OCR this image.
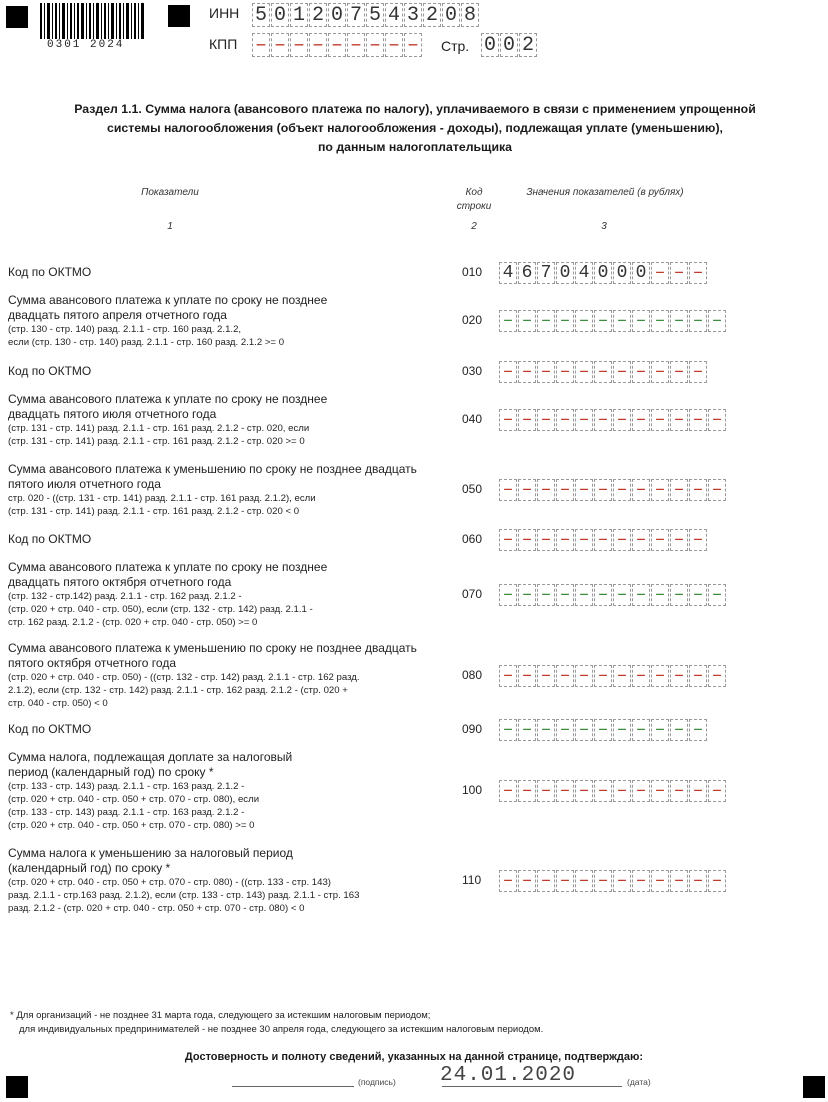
0301 2024
ИНН 5 0 1 2 0 7 5 4 3 2 0 8
КПП – – – – – – – – – Стр. 0 0 2
Раздел 1.1. Сумма налога (авансового платежа по налогу), уплачиваемого в связи с применением упрощенной
системы налогообложения (объект налогообложения - доходы), подлежащая уплате (уменьшению),
по данным налогоплательщика
Показатели	Код
строки
Значения показателей (в рублях)
1	2	3
Код по ОКТМО	010	4 6 7 0 4 0 0 0 – – –
Сумма авансового платежа к уплате по сроку не позднее
двадцать пятого апреля отчетного года
(стр. 130 - стр. 140) разд. 2.1.1 - стр. 160 разд. 2.1.2,
если (стр. 130 - стр. 140) разд. 2.1.1 - стр. 160 разд. 2.1.2 >= 0
020	– – – – – – – – – – – –
Код по ОКТМО	030	– – – – – – – – – – –
Сумма авансового платежа к уплате по сроку не позднее
двадцать пятого июля отчетного года
(стр. 131 - стр. 141) разд. 2.1.1 - стр. 161 разд. 2.1.2 - стр. 020, если
(стр. 131 - стр. 141) разд. 2.1.1 - стр. 161 разд. 2.1.2 - стр. 020 >= 0
040	– – – – – – – – – – – –
Сумма авансового платежа к уменьшению по сроку не позднее двадцать
пятого июля отчетного года
стр. 020 - ((стр. 131 - стр. 141) разд. 2.1.1 - стр. 161 разд. 2.1.2), если
(стр. 131 - стр. 141) разд. 2.1.1 - стр. 161 разд. 2.1.2 - стр. 020 < 0
050	– – – – – – – – – – – –
Код по ОКТМО	060	– – – – – – – – – – –
Сумма авансового платежа к уплате по сроку не позднее
двадцать пятого октября отчетного года
(стр. 132 - стр.142) разд. 2.1.1 - стр. 162 разд. 2.1.2 -
(стр. 020 + стр. 040 - стр. 050), если (стр. 132 - стр. 142) разд. 2.1.1 -
стр. 162 разд. 2.1.2 - (стр. 020 + стр. 040 - стр. 050) >= 0
070	– – – – – – – – – – – –
Сумма авансового платежа к уменьшению по сроку не позднее двадцать
пятого октября отчетного года
(стр. 020 + стр. 040 - стр. 050) - ((стр. 132 - стр. 142) разд. 2.1.1 - стр. 162 разд.
2.1.2), если (стр. 132 - стр. 142) разд. 2.1.1 - стр. 162 разд. 2.1.2 - (стр. 020 +
стр. 040 - стр. 050) < 0
080	– – – – – – – – – – – –
Код по ОКТМО	090	– – – – – – – – – – –
Сумма налога, подлежащая доплате за налоговый
период (календарный год) по сроку *
(стр. 133 - стр. 143) разд. 2.1.1 - стр. 163 разд. 2.1.2 -
(стр. 020 + стр. 040 - стр. 050 + стр. 070 - стр. 080), если
(стр. 133 - стр. 143) разд. 2.1.1 - стр. 163 разд. 2.1.2 -
(стр. 020 + стр. 040 - стр. 050 + стр. 070 - стр. 080) >= 0
100	– – – – – – – – – – – –
Сумма налога к уменьшению за налоговый период
(календарный год) по сроку *
(стр. 020 + стр. 040 - стр. 050 + стр. 070 - стр. 080) - ((стр. 133 - стр. 143)
разд. 2.1.1 - стр.163 разд. 2.1.2), если (стр. 133 - стр. 143) разд. 2.1.1 - стр. 163
разд. 2.1.2 - (стр. 020 + стр. 040 - стр. 050 + стр. 070 - стр. 080) < 0
110	– – – – – – – – – – – –
* Для организаций - не позднее 31 марта года, следующего за истекшим налоговым периодом;
для индивидуальных предпринимателей - не позднее 30 апреля года, следующего за истекшим налоговым периодом.
Достоверность и полноту сведений, указанных на данной странице, подтверждаю:
(подпись) 24.01.2020	(дата)
